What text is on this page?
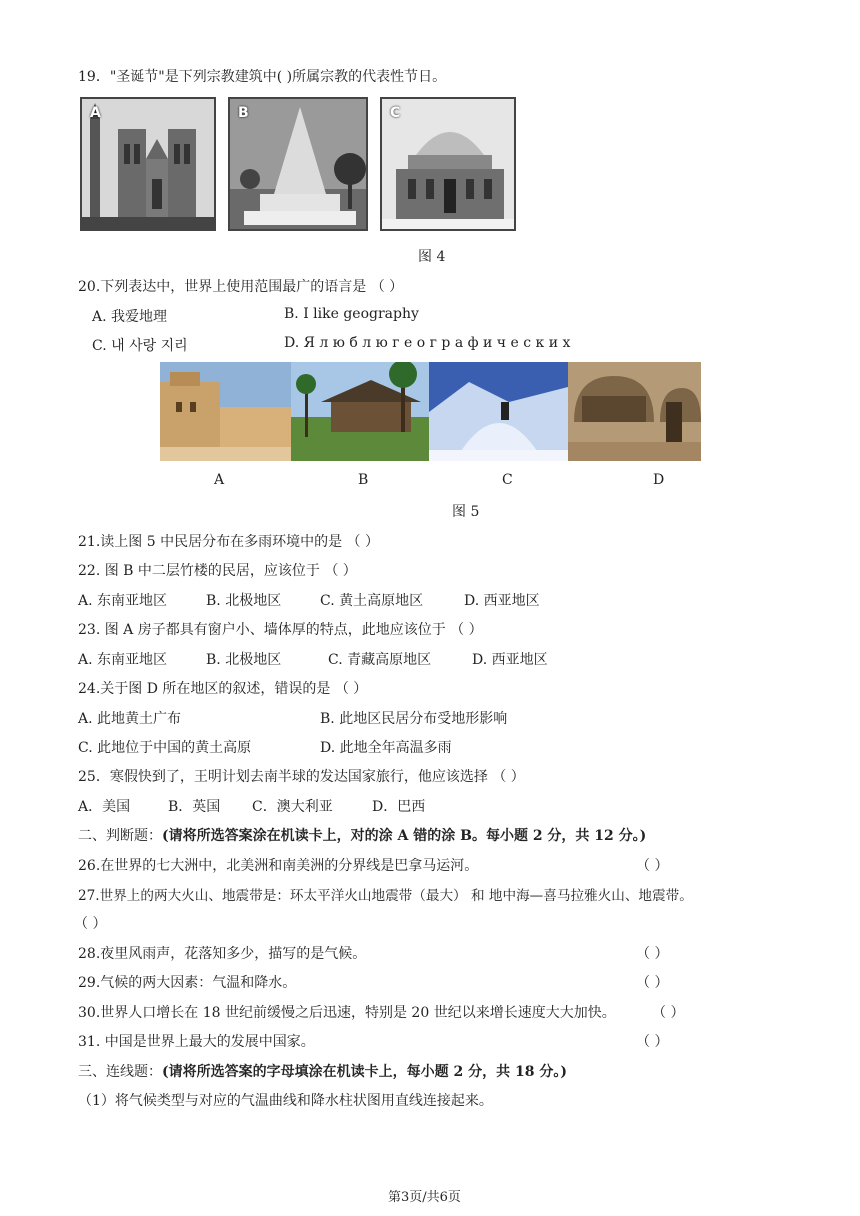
19．"圣诞节"是下列宗教建筑中( )所属宗教的代表性节日。
A	B	C
图 4
20.下列表达中，世界上使用范围最广的语言是 （ ）
A. 我爱地理	B. I like geography
C. 내 사랑 지리	D. Я л ю б л ю г е о г р а ф и ч е с к и х
A	B	C	D
图 5
21.读上图 5 中民居分布在多雨环境中的是 （ ）
22. 图 B 中二层竹楼的民居，应该位于 （ ）
A. 东南亚地区	B. 北极地区	C. 黄土高原地区	D. 西亚地区
23. 图 A 房子都具有窗户小、墙体厚的特点，此地应该位于 （ ）
A. 东南亚地区	B. 北极地区	C. 青藏高原地区	D. 西亚地区
24.关于图 D 所在地区的叙述，错误的是 （ ）
A. 此地黄土广布	B. 此地区民居分布受地形影响
C. 此地位于中国的黄土高原	D. 此地全年高温多雨
25．寒假快到了，王明计划去南半球的发达国家旅行，他应该选择 （ ）
A．美国	B．英国 C．澳大利亚	D．巴西
二、判断题：(请将所选答案涂在机读卡上，对的涂 A 错的涂 B。每小题 2 分，共 12 分。)
26.在世界的七大洲中，北美洲和南美洲的分界线是巴拿马运河。	（ ）
27.世界上的两大火山、地震带是：环太平洋火山地震带（最大） 和 地中海—喜马拉雅火山、地震带。
（ ）
28.夜里风雨声，花落知多少，描写的是气候。	（ ）
29.气候的两大因素：气温和降水。	（ ）
30.世界人口增长在 18 世纪前缓慢之后迅速，特别是 20 世纪以来增长速度大大加快。	（ ）
31. 中国是世界上最大的发展中国家。	（ ）
三、连线题：(请将所选答案的字母填涂在机读卡上，每小题 2 分，共 18 分。)
（1）将气候类型与对应的气温曲线和降水柱状图用直线连接起来。
第3页/共6页
